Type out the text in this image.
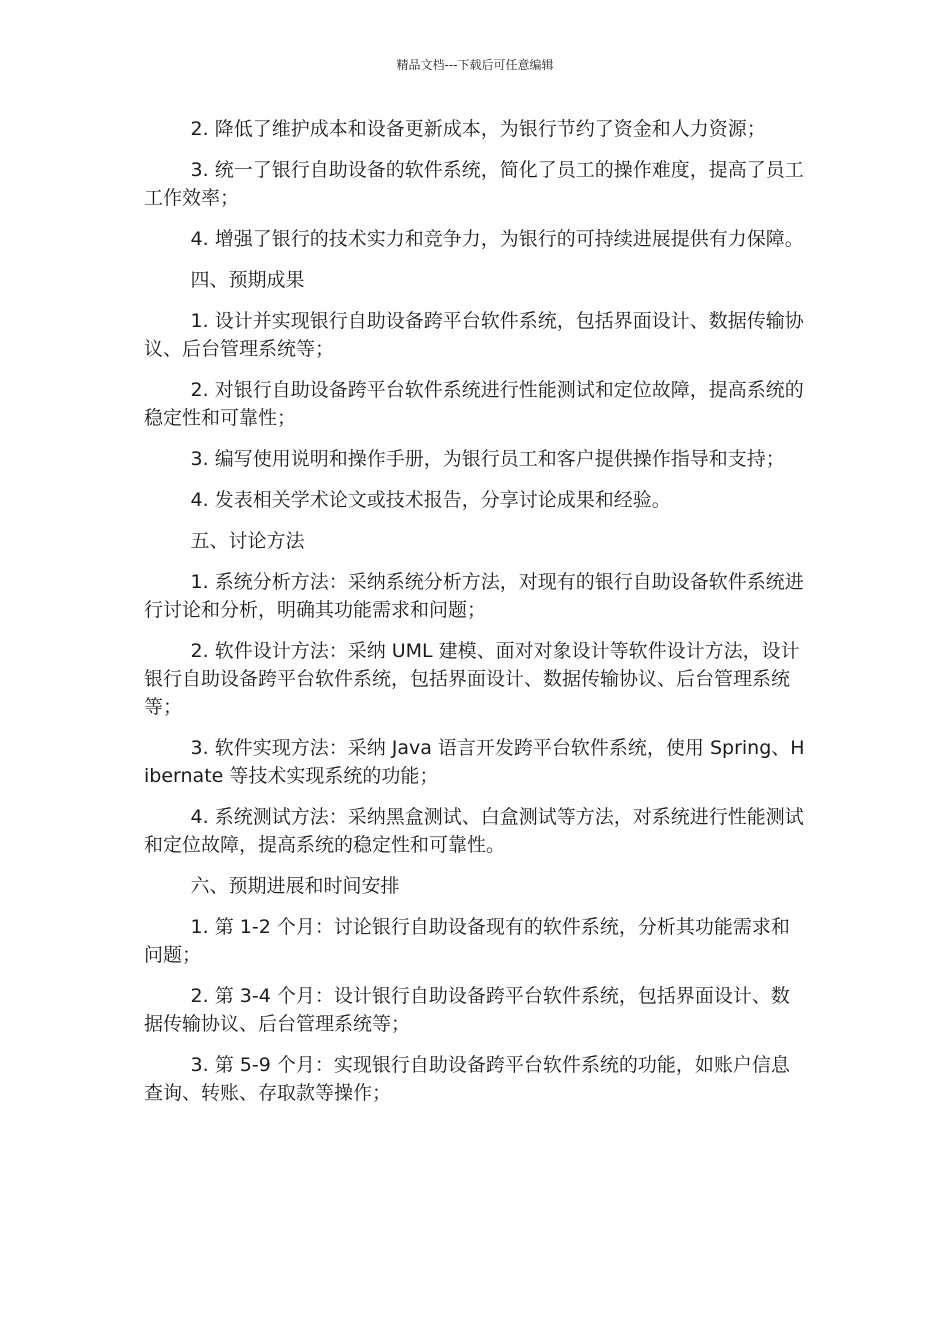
精品文档---下载后可任意编辑

2. 降低了维护成本和设备更新成本，为银行节约了资金和人力资源；

3. 统一了银行自助设备的软件系统，简化了员工的操作难度，提高了员工工作效率；

4. 增强了银行的技术实力和竞争力，为银行的可持续进展提供有力保障。

四、预期成果

1. 设计并实现银行自助设备跨平台软件系统，包括界面设计、数据传输协议、后台管理系统等；

2. 对银行自助设备跨平台软件系统进行性能测试和定位故障，提高系统的稳定性和可靠性；

3. 编写使用说明和操作手册，为银行员工和客户提供操作指导和支持；

4. 发表相关学术论文或技术报告，分享讨论成果和经验。

五、讨论方法

1. 系统分析方法：采纳系统分析方法，对现有的银行自助设备软件系统进行讨论和分析，明确其功能需求和问题；

2. 软件设计方法：采纳 UML 建模、面对对象设计等软件设计方法，设计银行自助设备跨平台软件系统，包括界面设计、数据传输协议、后台管理系统等；

3. 软件实现方法：采纳 Java 语言开发跨平台软件系统，使用 Spring、Hibernate 等技术实现系统的功能；

4. 系统测试方法：采纳黑盒测试、白盒测试等方法，对系统进行性能测试和定位故障，提高系统的稳定性和可靠性。

六、预期进展和时间安排

1. 第 1-2 个月：讨论银行自助设备现有的软件系统，分析其功能需求和问题；

2. 第 3-4 个月：设计银行自助设备跨平台软件系统，包括界面设计、数据传输协议、后台管理系统等；

3. 第 5-9 个月：实现银行自助设备跨平台软件系统的功能，如账户信息查询、转账、存取款等操作；
